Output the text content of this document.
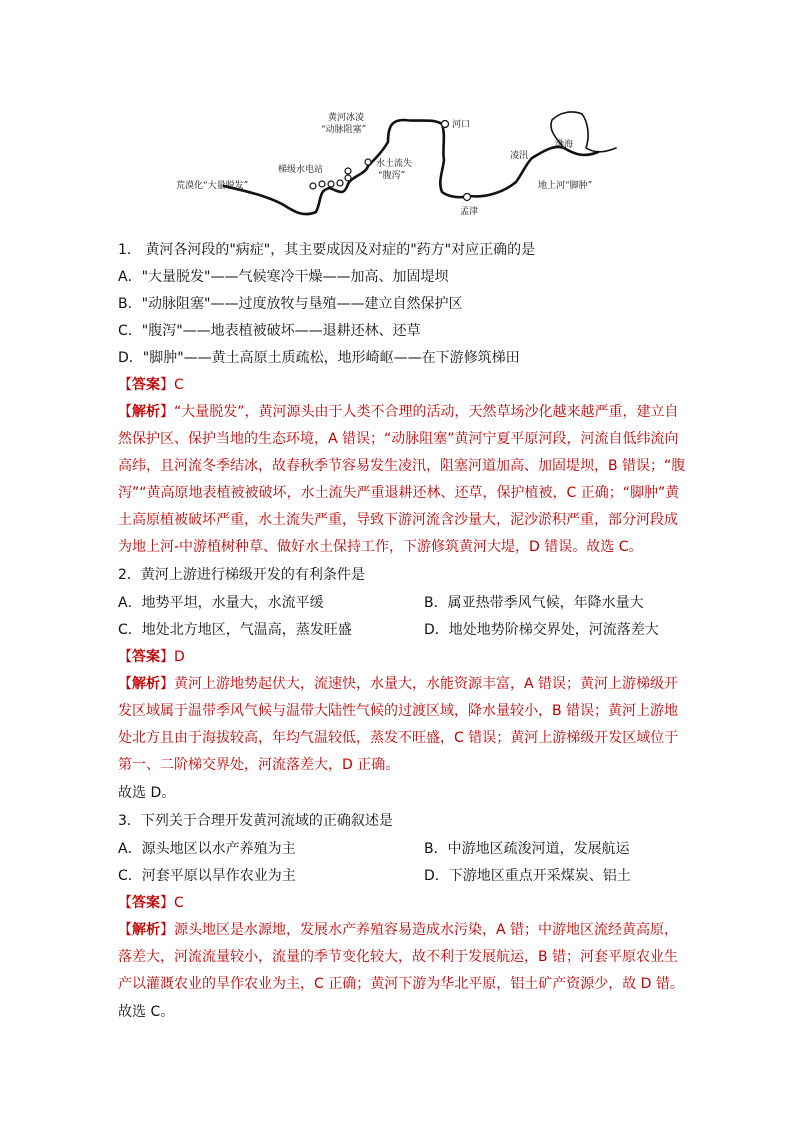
黄河冰凌
“动脉阻塞”	河口
梯级水电站
水土流失
“腹泻”
荒漠化“大量脱发”
凌汛
渤海
地上河“脚肿”
孟津
1． 黄河各河段的"病症"，其主要成因及对症的"药方"对应正确的是
A．"大量脱发"——气候寒冷干燥——加高、加固堤坝
B．"动脉阻塞"——过度放牧与垦殖——建立自然保护区
C．"腹泻"——地表植被破坏——退耕还林、还草
D．"脚肿"——黄土高原土质疏松，地形崎岖——在下游修筑梯田
【答案】C
【解析】“大量脱发”，黄河源头由于人类不合理的活动，天然草场沙化越来越严重，建立自
然保护区、保护当地的生态环境，A 错误；“动脉阻塞”黄河宁夏平原河段，河流自低纬流向
高纬，且河流冬季结冰，故春秋季节容易发生凌汛，阻塞河道加高、加固堤坝，B 错误；“腹
泻”“黄高原地表植被被破坏，水土流失严重退耕还林、还草，保护植被，C 正确；“脚肿”黄
土高原植被破坏严重，水土流失严重，导致下游河流含沙量大，泥沙淤积严重，部分河段成
为地上河-中游植树种草、做好水土保持工作，下游修筑黄河大堤，D 错误。故选 C。
2．黄河上游进行梯级开发的有利条件是
A．地势平坦，水量大，水流平缓	B．属亚热带季风气候，年降水量大
C．地处北方地区，气温高，蒸发旺盛	D．地处地势阶梯交界处，河流落差大
【答案】D
【解析】黄河上游地势起伏大，流速快，水量大，水能资源丰富，A 错误；黄河上游梯级开
发区域属于温带季风气候与温带大陆性气候的过渡区域，降水量较小，B 错误；黄河上游地
处北方且由于海拔较高，年均气温较低，蒸发不旺盛，C 错误；黄河上游梯级开发区域位于
第一、二阶梯交界处，河流落差大，D 正确。
故选 D。
3．下列关于合理开发黄河流域的正确叙述是
A．源头地区以水产养殖为主	B．中游地区疏浚河道，发展航运
C．河套平原以旱作农业为主	D．下游地区重点开采煤炭、铝土
【答案】C
【解析】源头地区是水源地，发展水产养殖容易造成水污染，A 错；中游地区流经黄高原，
落差大，河流流量较小，流量的季节变化较大，故不利于发展航运，B 错；河套平原农业生
产以灌溉农业的旱作农业为主，C 正确；黄河下游为华北平原，铝土矿产资源少，故 D 错。
故选 C。
